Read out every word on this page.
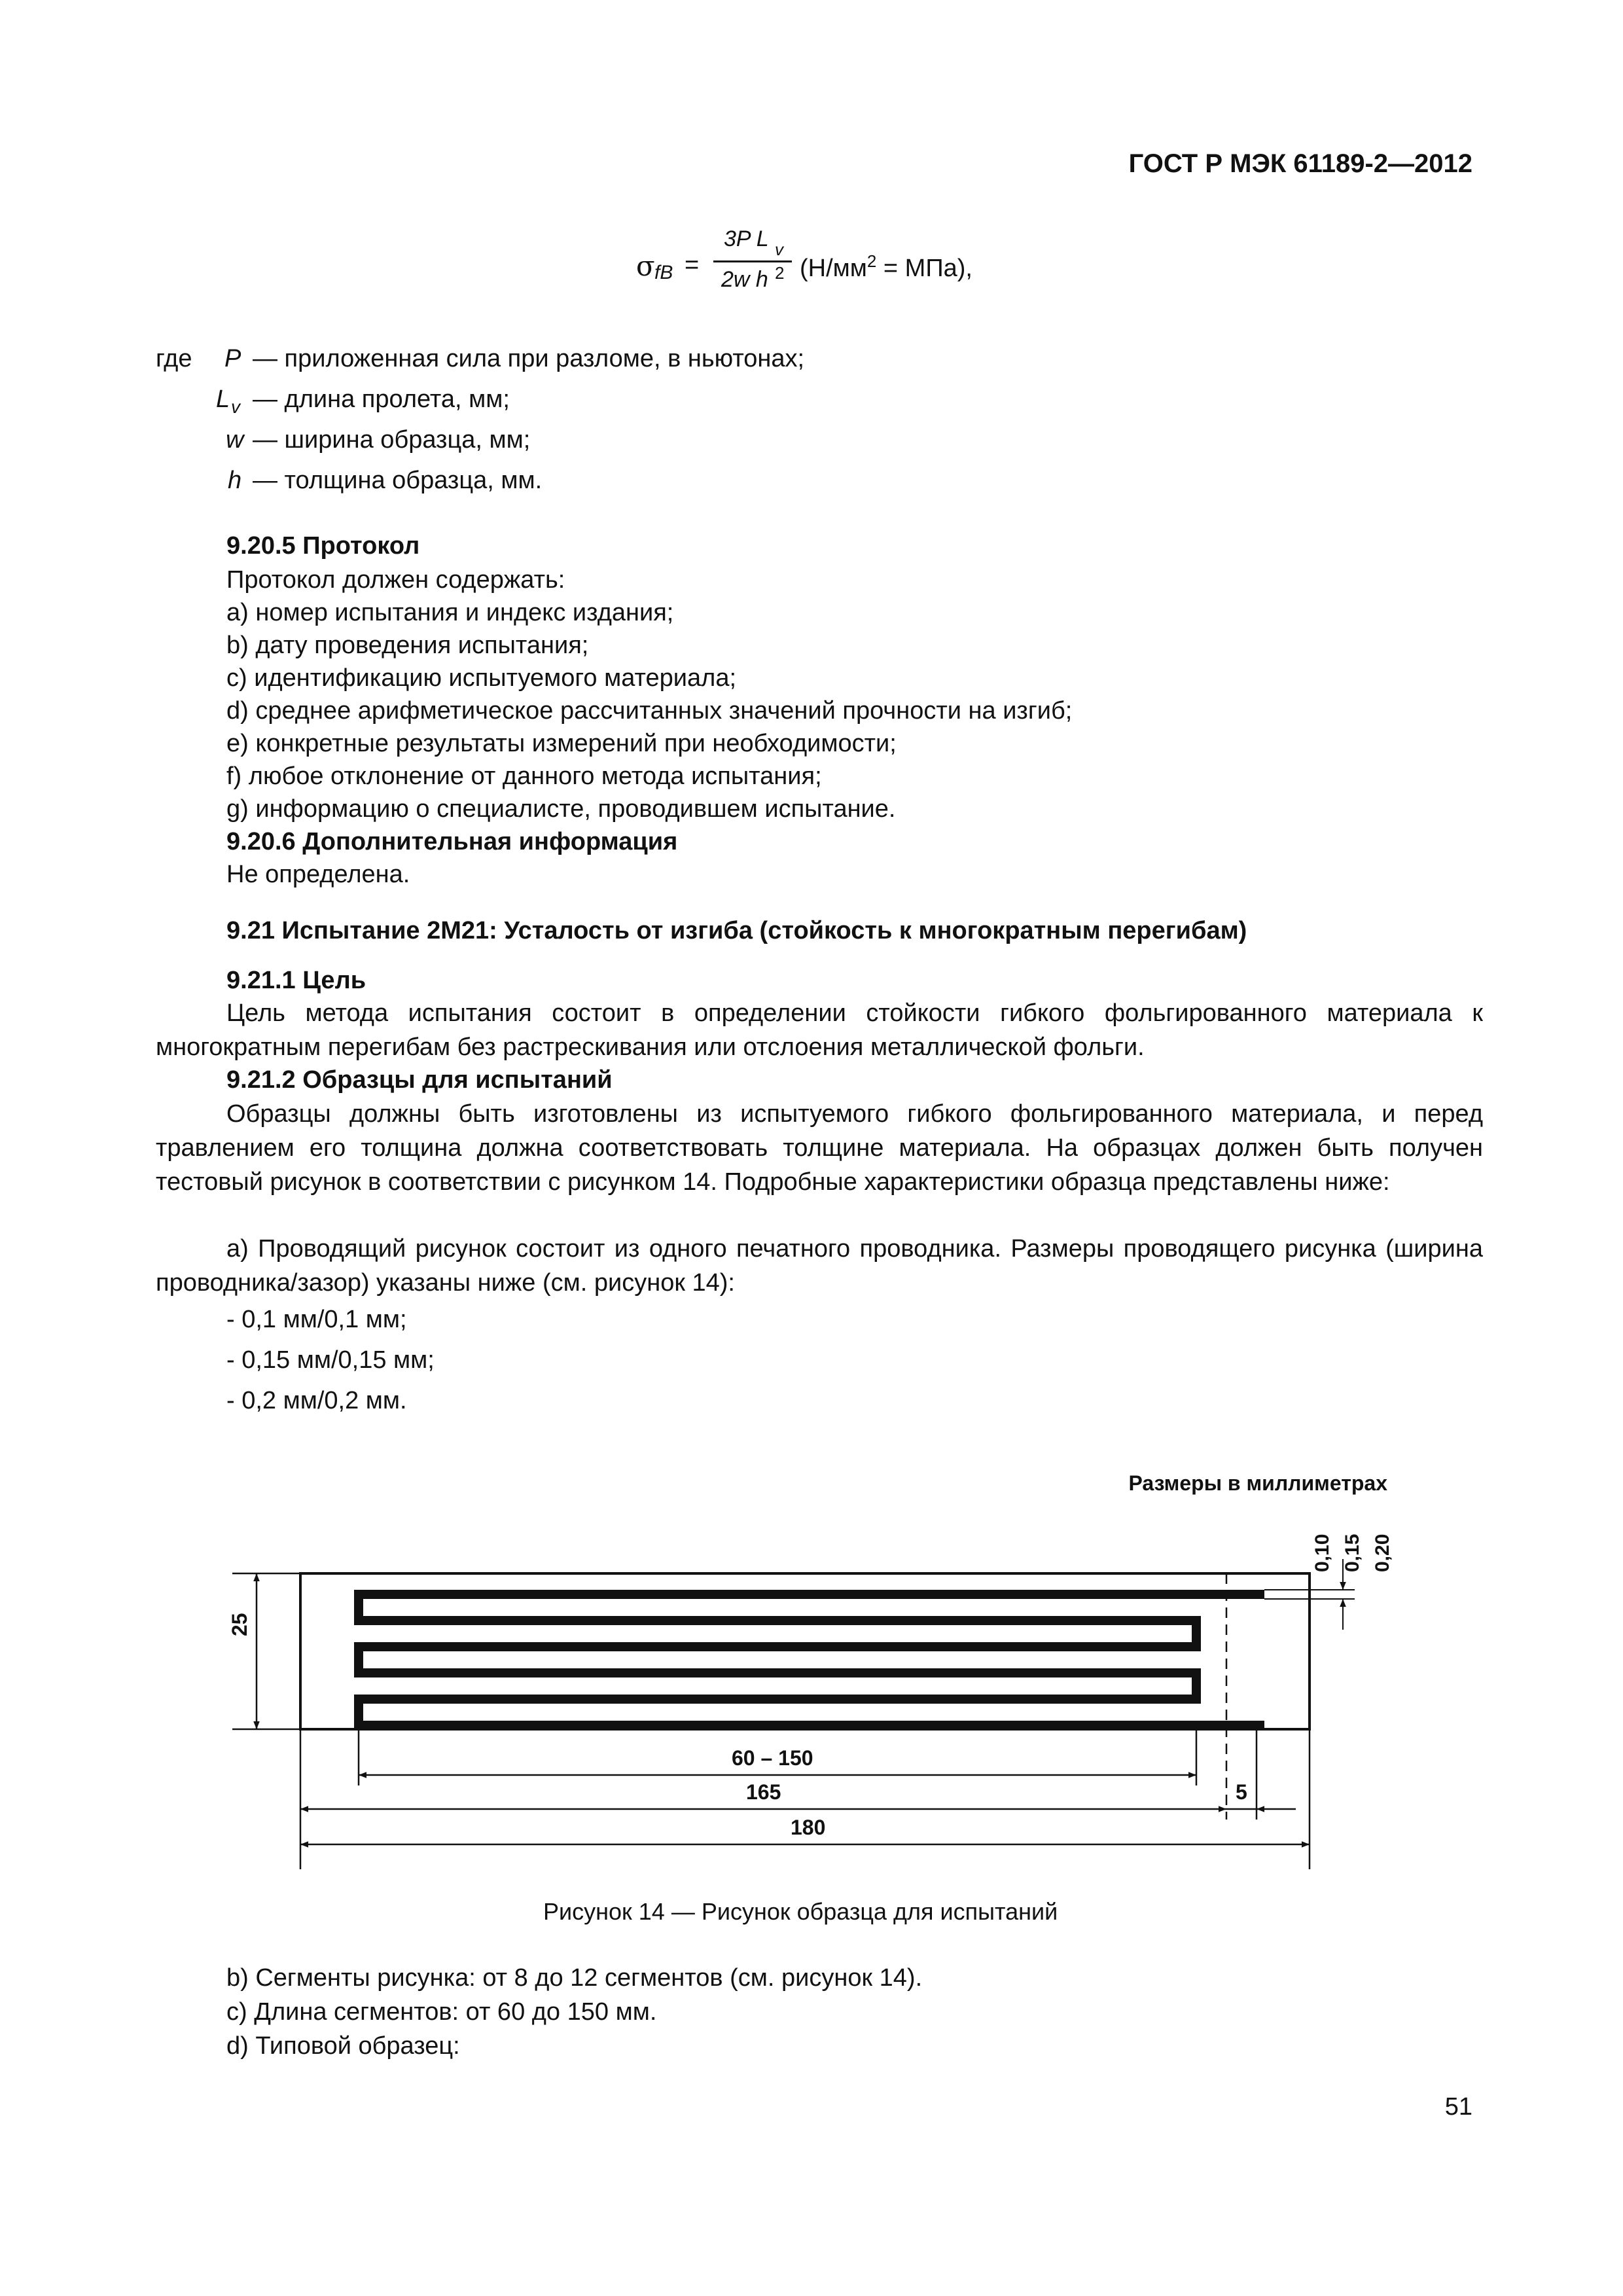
ГОСТ Р МЭК 61189-2—2012
σ fB =
3P L v
2w h 2 $(Н/мм^2 = МПа)$,
где P — приложенная сила при разломе, в ньютонах;
L v — длина пролета, мм;
w — ширина образца, мм;
h — толщина образца, мм.
9.20.5 Протокол
Протокол должен содержать:
a) номер испытания и индекс издания;
b) дату проведения испытания;
c) идентификацию испытуемого материала;
d) среднее арифметическое рассчитанных значений прочности на изгиб;
e) конкретные результаты измерений при необходимости;
f) любое отклонение от данного метода испытания;
g) информацию о специалисте, проводившем испытание.
9.20.6 Дополнительная информация
Не определена.
9.21 Испытание 2М21: Усталость от изгиба (стойкость к многократным перегибам)
9.21.1 Цель
Цель метода испытания состоит в определении стойкости гибкого фольгированного материала к многократным перегибам без растрескивания или отслоения металлической фольги.
9.21.2 Образцы для испытаний
Образцы должны быть изготовлены из испытуемого гибкого фольгированного материала, и перед травлением его толщина должна соответствовать толщине материала. На образцах должен быть получен тестовый рисунок в соответствии с рисунком 14. Подробные характеристики образца представлены ниже:
a) Проводящий рисунок состоит из одного печатного проводника. Размеры проводящего рисунка (ширина проводника/зазор) указаны ниже (см. рисунок 14):
- 0,1 мм/0,1 мм;
- 0,15 мм/0,15 мм;
- 0,2 мм/0,2 мм.
Размеры в миллиметрах
25
60 – 150
165	5
180
0,10 0,15 0,20
Рисунок 14 — Рисунок образца для испытаний
b) Сегменты рисунка: от 8 до 12 сегментов (см. рисунок 14).
c) Длина сегментов: от 60 до 150 мм.
d) Типовой образец:
51
